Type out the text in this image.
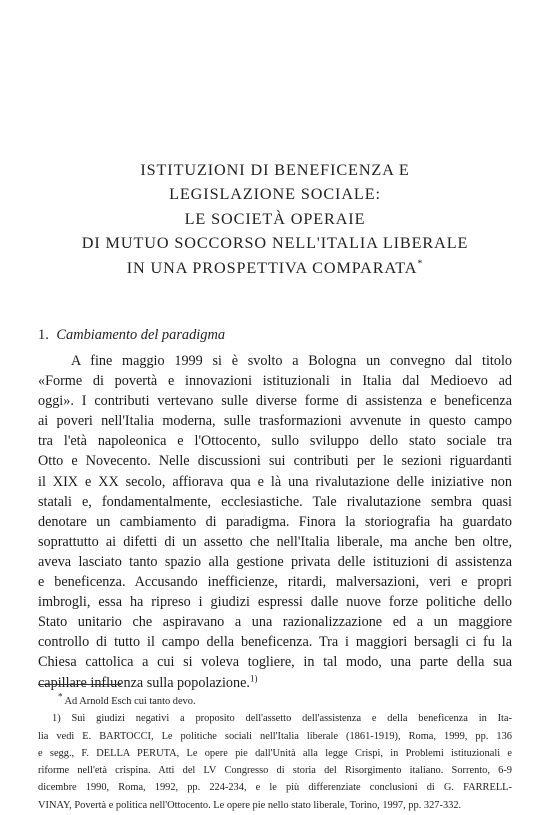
ISTITUZIONI DI BENEFICENZA E
LEGISLAZIONE SOCIALE:
LE SOCIETÀ OPERAIE
DI MUTUO SOCCORSO NELL'ITALIA LIBERALE
IN UNA PROSPETTIVA COMPARATA*
1. Cambiamento del paradigma
A fine maggio 1999 si è svolto a Bologna un convegno dal titolo
«Forme di povertà e innovazioni istituzionali in Italia dal Medioevo ad
oggi». I contributi vertevano sulle diverse forme di assistenza e beneficenza
ai poveri nell'Italia moderna, sulle trasformazioni avvenute in questo campo
tra l'età napoleonica e l'Ottocento, sullo sviluppo dello stato sociale tra
Otto e Novecento. Nelle discussioni sui contributi per le sezioni riguardanti
il XIX e XX secolo, affiorava qua e là una rivalutazione delle iniziative non
statali e, fondamentalmente, ecclesiastiche. Tale rivalutazione sembra quasi
denotare un cambiamento di paradigma. Finora la storiografia ha guardato
soprattutto ai difetti di un assetto che nell'Italia liberale, ma anche ben oltre,
aveva lasciato tanto spazio alla gestione privata delle istituzioni di assistenza
e beneficenza. Accusando inefficienze, ritardi, malversazioni, veri e propri
imbrogli, essa ha ripreso i giudizi espressi dalle nuove forze politiche dello
Stato unitario che aspiravano a una razionalizzazione ed a un maggiore
controllo di tutto il campo della beneficenza. Tra i maggiori bersagli ci fu la
Chiesa cattolica a cui si voleva togliere, in tal modo, una parte della sua
capillare influenza sulla popolazione.$^{1)}$
* Ad Arnold Esch cui tanto devo.
1) Sui giudizi negativi a proposito dell'assetto dell'assistenza e della beneficenza in Ita-
lia vedi E. BARTOCCI, Le politiche sociali nell'Italia liberale (1861-1919), Roma, 1999, pp. 136
e segg., F. DELLA PERUTA, Le opere pie dall'Unità alla legge Crispi, in Problemi istituzionali e
riforme nell'età crispina. Atti del LV Congresso di storia del Risorgimento italiano. Sorrento, 6-9
dicembre 1990, Roma, 1992, pp. 224-234, e le più differenziate conclusioni di G. FARRELL-
VINAY, Povertà e politica nell'Ottocento. Le opere pie nello stato liberale, Torino, 1997, pp. 327-332.
